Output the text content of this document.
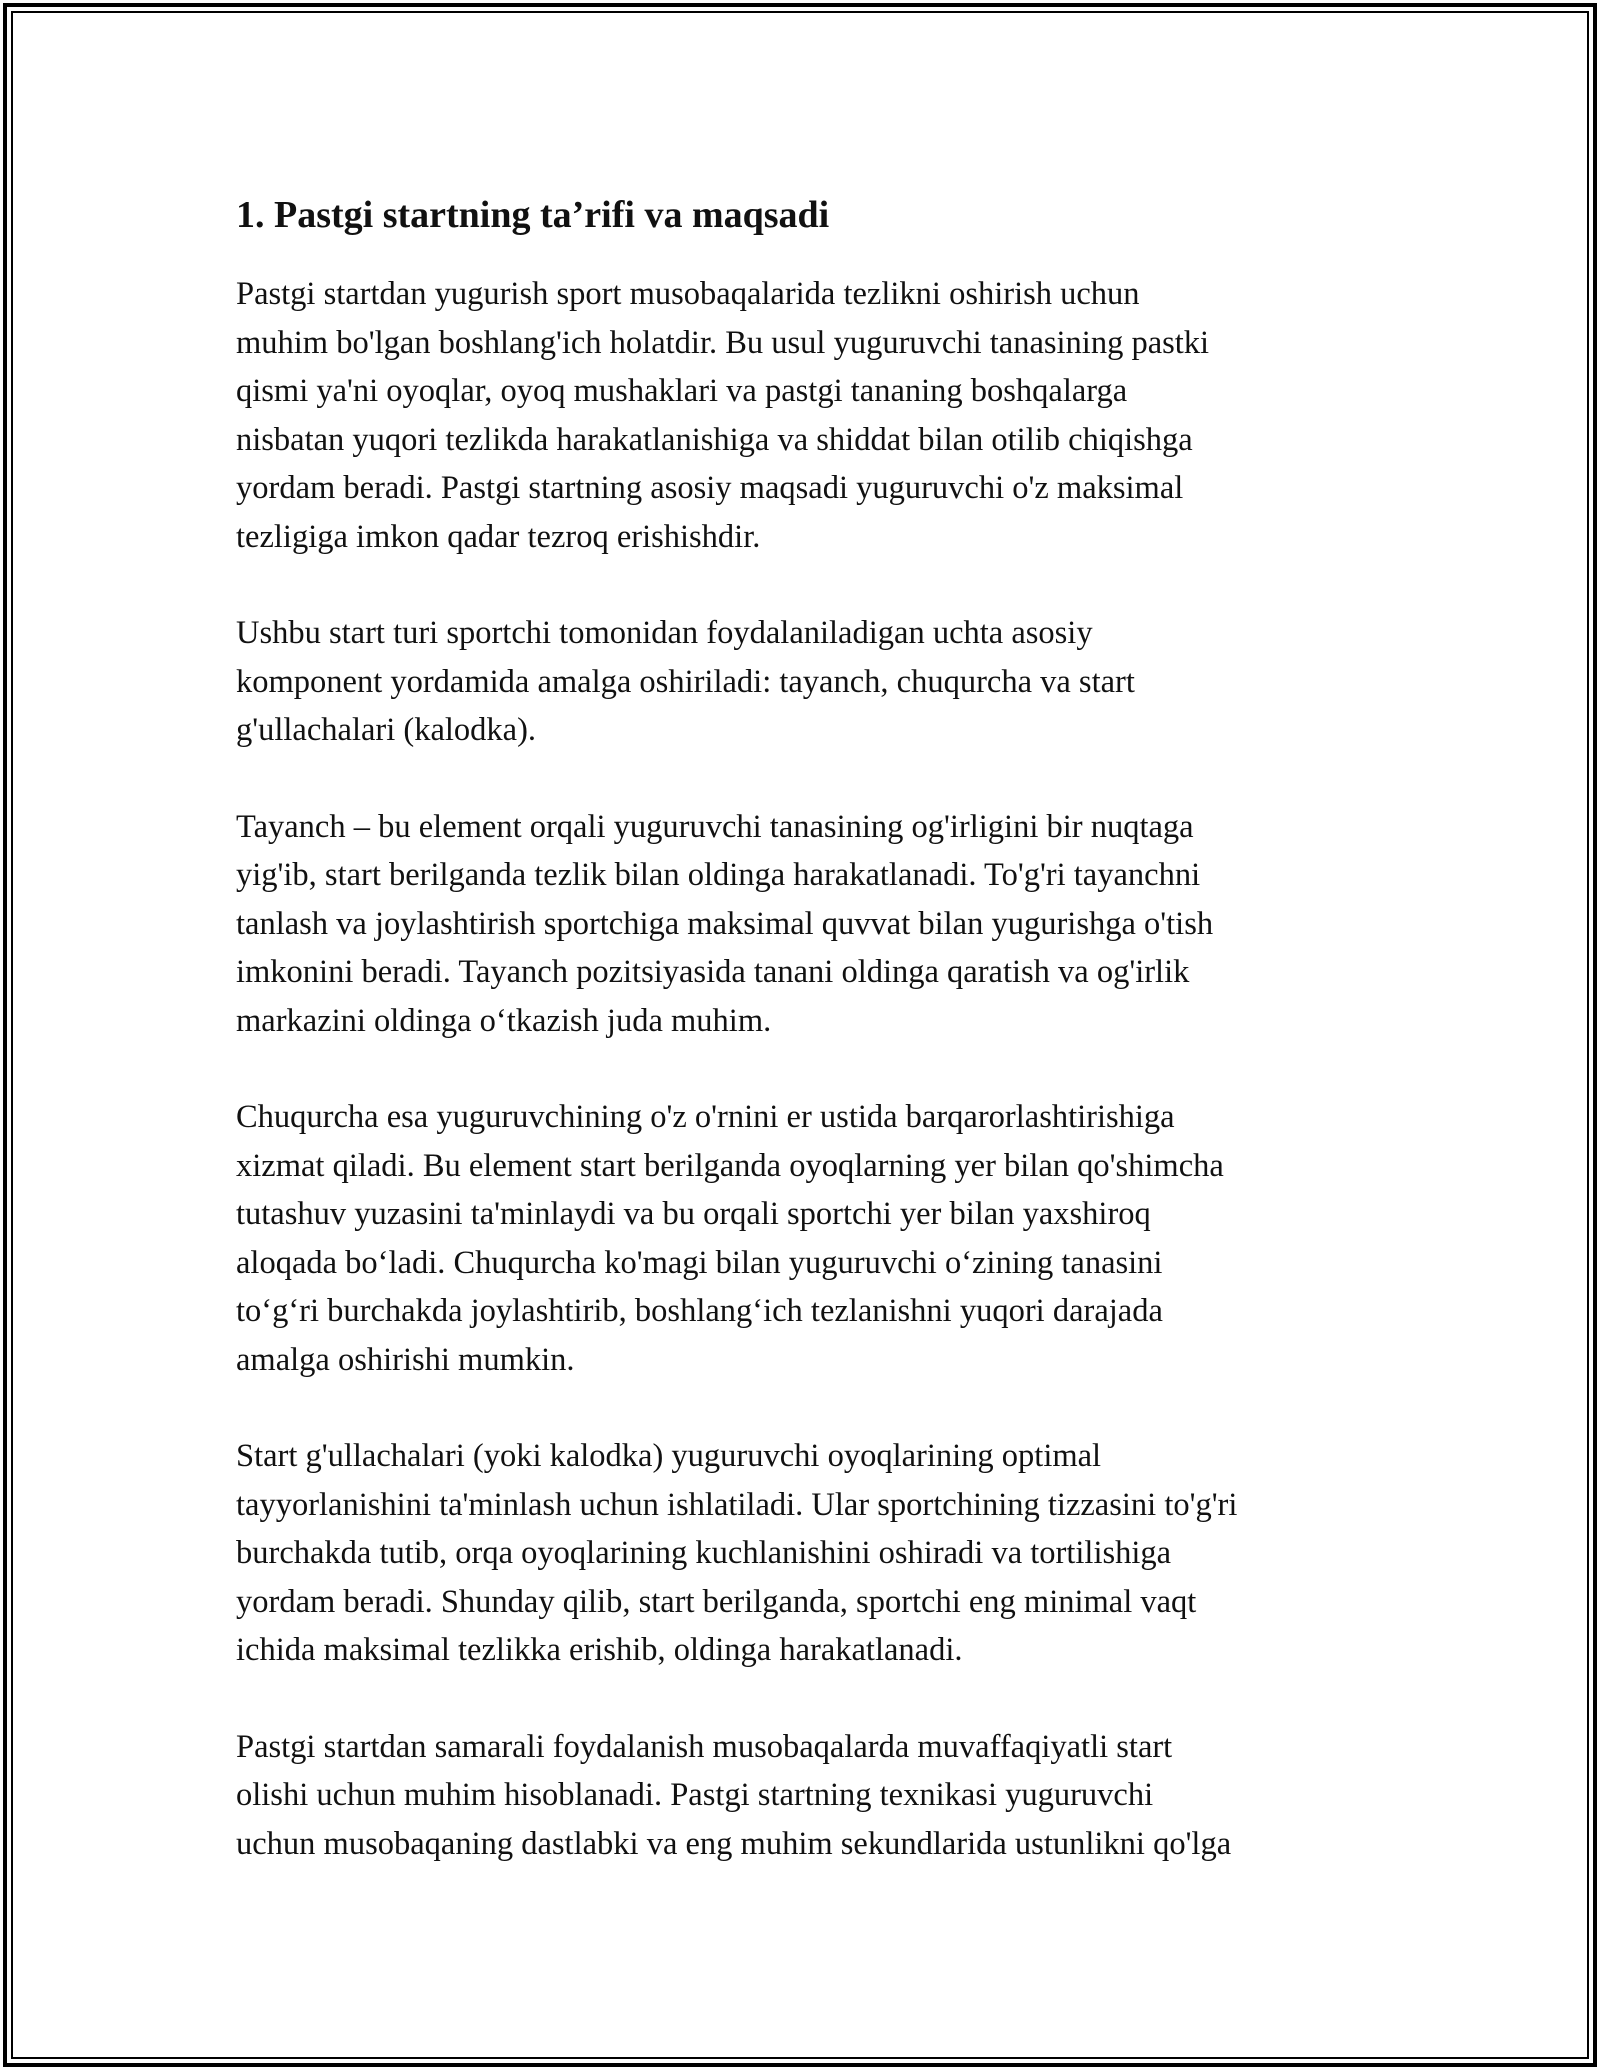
1. Pastgi startning ta’rifi va maqsadi
Pastgi startdan yugurish sport musobaqalarida tezlikni oshirish uchun
muhim bo'lgan boshlang'ich holatdir. Bu usul yuguruvchi tanasining pastki
qismi ya'ni oyoqlar, oyoq mushaklari va pastgi tananing boshqalarga
nisbatan yuqori tezlikda harakatlanishiga va shiddat bilan otilib chiqishga
yordam beradi. Pastgi startning asosiy maqsadi yuguruvchi o'z maksimal
tezligiga imkon qadar tezroq erishishdir.
Ushbu start turi sportchi tomonidan foydalaniladigan uchta asosiy
komponent yordamida amalga oshiriladi: tayanch, chuqurcha va start
g'ullachalari (kalodka).
Tayanch – bu element orqali yuguruvchi tanasining og'irligini bir nuqtaga
yig'ib, start berilganda tezlik bilan oldinga harakatlanadi. To'g'ri tayanchni
tanlash va joylashtirish sportchiga maksimal quvvat bilan yugurishga o'tish
imkonini beradi. Tayanch pozitsiyasida tanani oldinga qaratish va og'irlik
markazini oldinga o‘tkazish juda muhim.
Chuqurcha esa yuguruvchining o'z o'rnini er ustida barqarorlashtirishiga
xizmat qiladi. Bu element start berilganda oyoqlarning yer bilan qo'shimcha
tutashuv yuzasini ta'minlaydi va bu orqali sportchi yer bilan yaxshiroq
aloqada bo‘ladi. Chuqurcha ko'magi bilan yuguruvchi o‘zining tanasini
to‘g‘ri burchakda joylashtirib, boshlang‘ich tezlanishni yuqori darajada
amalga oshirishi mumkin.
Start g'ullachalari (yoki kalodka) yuguruvchi oyoqlarining optimal
tayyorlanishini ta'minlash uchun ishlatiladi. Ular sportchining tizzasini to'g'ri
burchakda tutib, orqa oyoqlarining kuchlanishini oshiradi va tortilishiga
yordam beradi. Shunday qilib, start berilganda, sportchi eng minimal vaqt
ichida maksimal tezlikka erishib, oldinga harakatlanadi.
Pastgi startdan samarali foydalanish musobaqalarda muvaffaqiyatli start
olishi uchun muhim hisoblanadi. Pastgi startning texnikasi yuguruvchi
uchun musobaqaning dastlabki va eng muhim sekundlarida ustunlikni qo'lga
